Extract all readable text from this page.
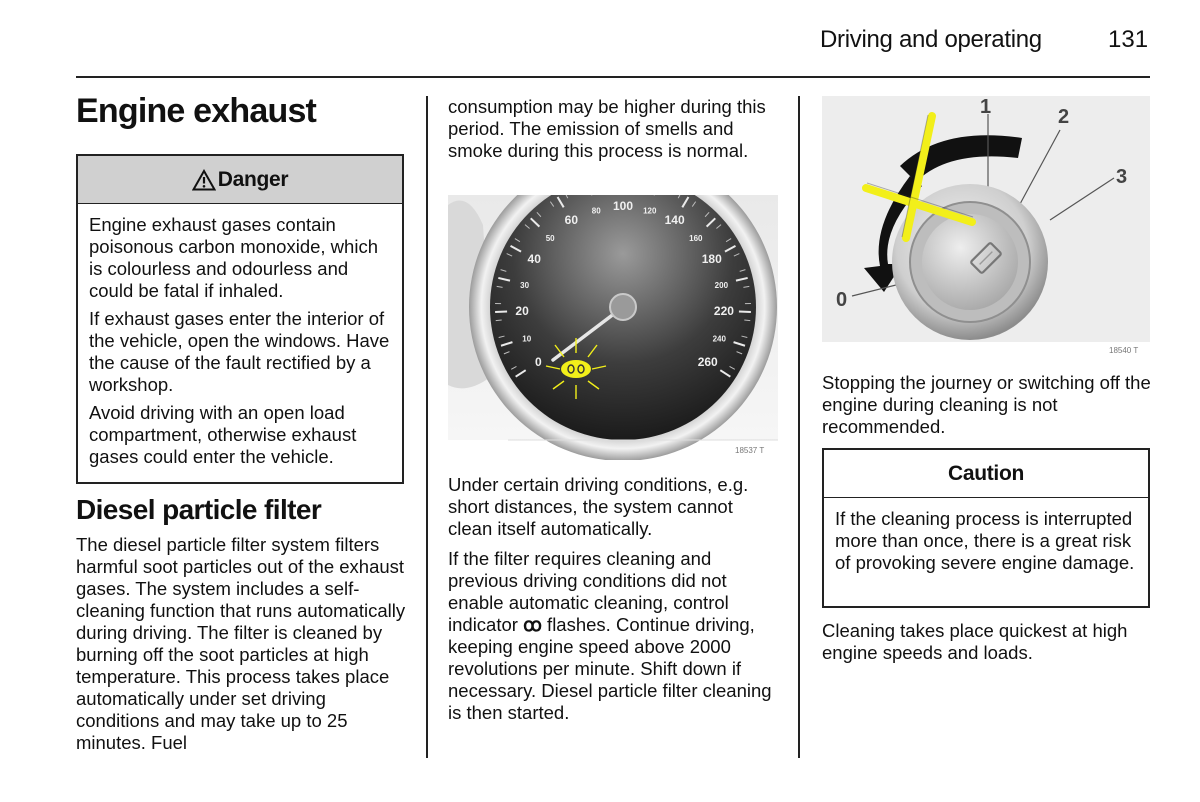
Driving and operating	131
Engine exhaust
Danger

Engine exhaust gases contain poisonous carbon monoxide, which is colourless and odourless and could be fatal if inhaled.

If exhaust gases enter the interior of the vehicle, open the windows. Have the cause of the fault rectified by a workshop.

Avoid driving with an open load compartment, otherwise exhaust gases could enter the vehicle.

Diesel particle filter

The diesel particle filter system filters harmful soot particles out of the exhaust gases. The system includes a self-cleaning function that runs automatically during driving. The filter is cleaned by burning off the soot particles at high temperature. This process takes place automatically under set driving conditions and may take up to 25 minutes. Fuel

consumption may be higher during this period. The emission of smells and smoke during this process is normal.

0
10
20
30
40
50
60
80 100 120
140
160
180
200
220
240
260
18537 T

Under certain driving conditions, e.g. short distances, the system cannot clean itself automatically.

If the filter requires cleaning and previous driving conditions did not enable automatic cleaning, control indicator ꝏ flashes. Continue driving, keeping engine speed above 2000 revolutions per minute. Shift down if necessary. Diesel particle filter cleaning is then started.

1	2
3
0
18540 T

Stopping the journey or switching off the engine during cleaning is not recommended.

Caution

If the cleaning process is interrupted more than once, there is a great risk of provoking severe engine damage.

Cleaning takes place quickest at high engine speeds and loads.
